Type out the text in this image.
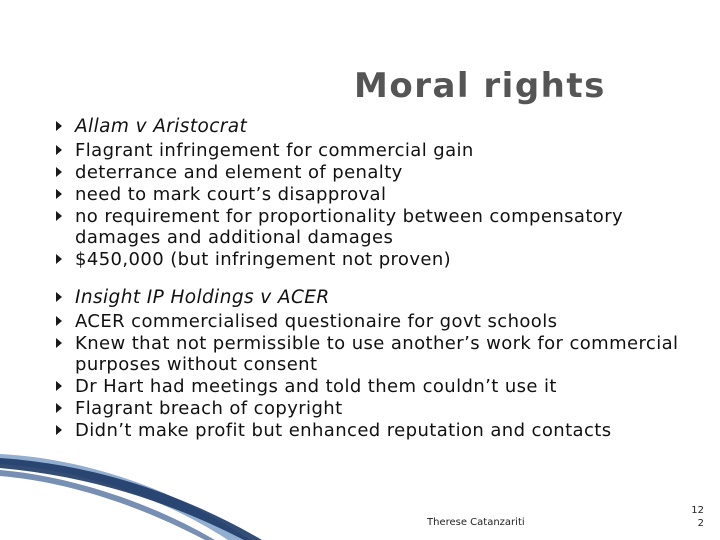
Moral rights
Allam v Aristocrat
Flagrant infringement for commercial gain
deterrance and element of penalty
need to mark court’s disapproval
no requirement for proportionality between compensatory damages and additional damages
$450,000 (but infringement not proven)
Insight IP Holdings v ACER
ACER commercialised questionaire for govt schools
Knew that not permissible to use another’s work for commercial purposes without consent
Dr Hart had meetings and told them couldn’t use it
Flagrant breach of copyright
Didn’t make profit but enhanced reputation and contacts
Therese Catanzariti
12
2
